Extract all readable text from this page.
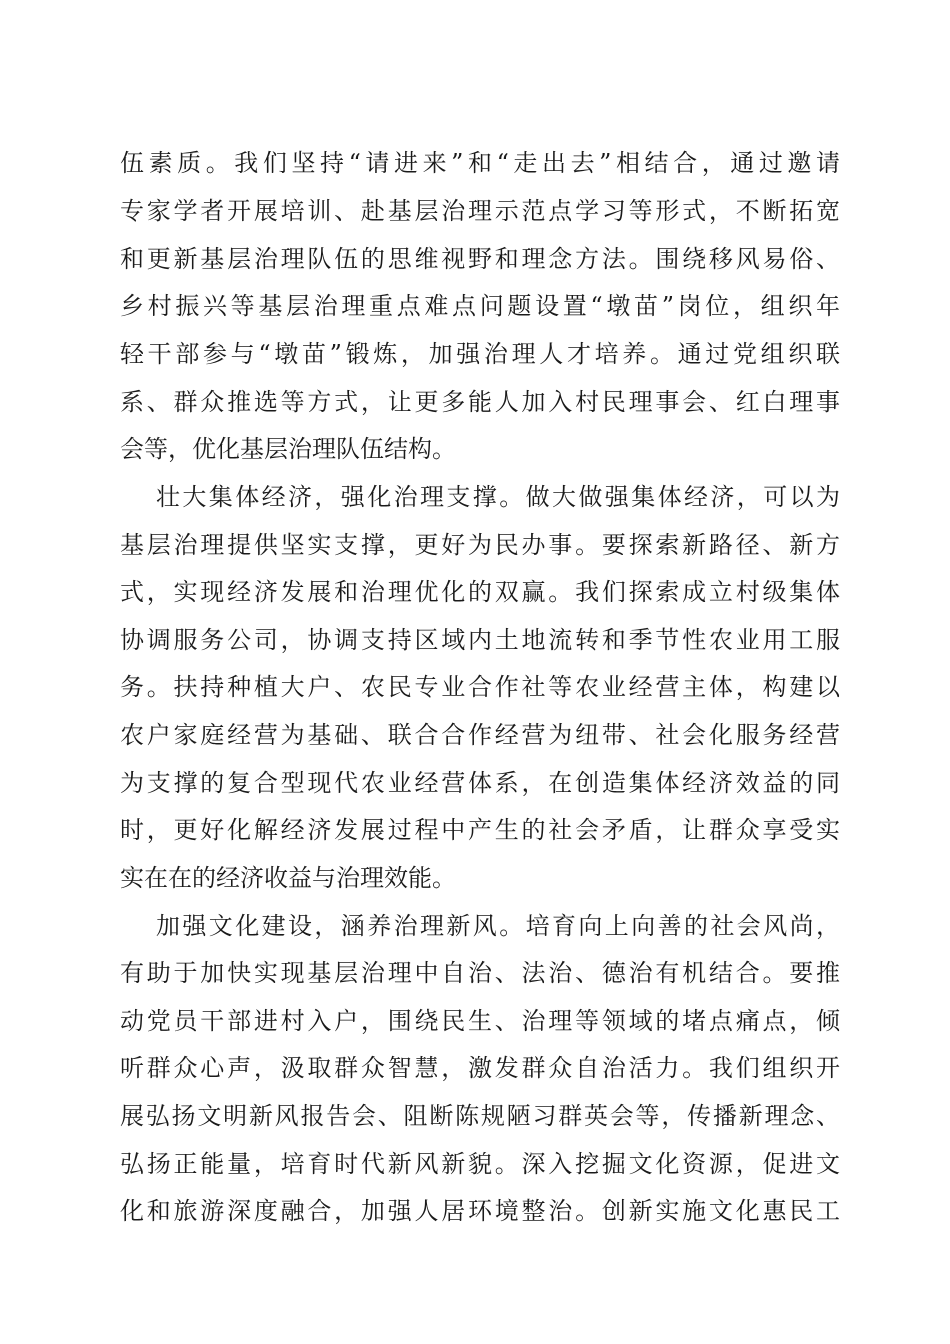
伍素质。我们坚持“请进来”和“走出去”相结合，通过邀请
专家学者开展培训、赴基层治理示范点学习等形式，不断拓宽
和更新基层治理队伍的思维视野和理念方法。围绕移风易俗、
乡村振兴等基层治理重点难点问题设置“墩苗”岗位，组织年
轻干部参与“墩苗”锻炼，加强治理人才培养。通过党组织联
系、群众推选等方式，让更多能人加入村民理事会、红白理事
会等，优化基层治理队伍结构。
壮大集体经济，强化治理支撑。做大做强集体经济，可以为
基层治理提供坚实支撑，更好为民办事。要探索新路径、新方
式，实现经济发展和治理优化的双赢。我们探索成立村级集体
协调服务公司，协调支持区域内土地流转和季节性农业用工服
务。扶持种植大户、农民专业合作社等农业经营主体，构建以
农户家庭经营为基础、联合合作经营为纽带、社会化服务经营
为支撑的复合型现代农业经营体系，在创造集体经济效益的同
时，更好化解经济发展过程中产生的社会矛盾，让群众享受实
实在在的经济收益与治理效能。
加强文化建设，涵养治理新风。培育向上向善的社会风尚，
有助于加快实现基层治理中自治、法治、德治有机结合。要推
动党员干部进村入户，围绕民生、治理等领域的堵点痛点，倾
听群众心声，汲取群众智慧，激发群众自治活力。我们组织开
展弘扬文明新风报告会、阻断陈规陋习群英会等，传播新理念、
弘扬正能量，培育时代新风新貌。深入挖掘文化资源，促进文
化和旅游深度融合，加强人居环境整治。创新实施文化惠民工
